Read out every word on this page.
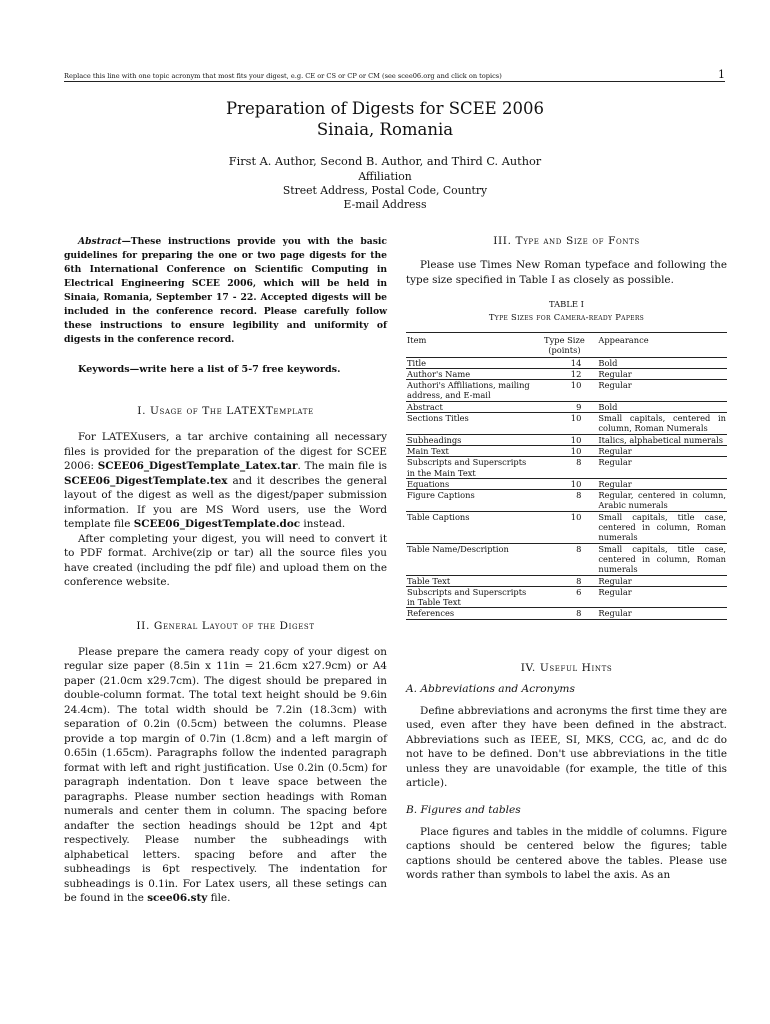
Replace this line with one topic acronym that most fits your digest, e.g. CE or CS or CP or CM (see scee06.org and click on topics)	1
Preparation of Digests for SCEE 2006
Sinaia, Romania
First A. Author, Second B. Author, and Third C. Author
Affiliation
Street Address, Postal Code, Country
E-mail Address
Abstract—These instructions provide you with the basic guidelines for preparing the one or two page digests for the 6th International Conference on Scientific Computing in Electrical Engineering SCEE 2006, which will be held in Sinaia, Romania, September 17 - 22. Accepted digests will be included in the conference record. Please carefully follow these instructions to ensure legibility and uniformity of digests in the conference record.
Keywords—write here a list of 5-7 free keywords.
I. Usage of The LATEXTemplate

For LATEXusers, a tar archive containing all necessary files is provided for the preparation of the digest for SCEE 2006: SCEE06_DigestTemplate_Latex.tar. The main file is SCEE06_DigestTemplate.tex and it describes the general layout of the digest as well as the digest/paper submission information. If you are MS Word users, use the Word template file SCEE06_DigestTemplate.doc instead.

After completing your digest, you will need to convert it to PDF format. Archive(zip or tar) all the source files you have created (including the pdf file) and upload them on the conference website.

II. General Layout of the Digest

Please prepare the camera ready copy of your digest on regular size paper (8.5in x 11in = 21.6cm x27.9cm) or A4 paper (21.0cm x29.7cm). The digest should be prepared in double-column format. The total text height should be 9.6in 24.4cm). The total width should be 7.2in (18.3cm) with separation of 0.2in (0.5cm) between the columns. Please provide a top margin of 0.7in (1.8cm) and a left margin of 0.65in (1.65cm). Paragraphs follow the indented paragraph format with left and right justification. Use 0.2in (0.5cm) for paragraph indentation. Don t leave space between the paragraphs. Please number section headings with Roman numerals and center them in column. The spacing before andafter the section headings should be 12pt and 4pt respectively. Please number the subheadings with alphabetical letters. spacing before and after the subheadings is 6pt respectively. The indentation for subheadings is 0.1in. For Latex users, all these setings can be found in the scee06.sty file.

III. Type and Size of Fonts

Please use Times New Roman typeface and following the type size specified in Table I as closely as possible.

TABLE I
Type Sizes for Camera-ready Papers
Item	Type Size (points)	Appearance
Title	14	Bold
Author's Name	12	Regular
Authori's Affiliations, mailing address, and E-mail	10	Regular
Abstract	9	Bold
Sections Titles	10	Small capitals, centered in column, Roman Numerals
Subheadings	10	Italics, alphabetical numerals
Main Text	10	Regular
Subscripts and Superscripts in the Main Text	8	Regular
Equations	10	Regular
Figure Captions	8	Regular, centered in column, Arabic numerals
Table Captions	10	Small capitals, title case, centered in column, Roman numerals
Table Name/Description	8	Small capitals, title case, centered in column, Roman numerals
Table Text	8	Regular
Subscripts and Superscripts in Table Text	6	Regular
References	8	Regular
IV. Useful Hints
A. Abbreviations and Acronyms

Define abbreviations and acronyms the first time they are used, even after they have been defined in the abstract. Abbreviations such as IEEE, SI, MKS, CCG, ac, and dc do not have to be defined. Don't use abbreviations in the title unless they are unavoidable (for example, the title of this article).

B. Figures and tables

Place figures and tables in the middle of columns. Figure captions should be centered below the figures; table captions should be centered above the tables. Please use words rather than symbols to label the axis. As an
